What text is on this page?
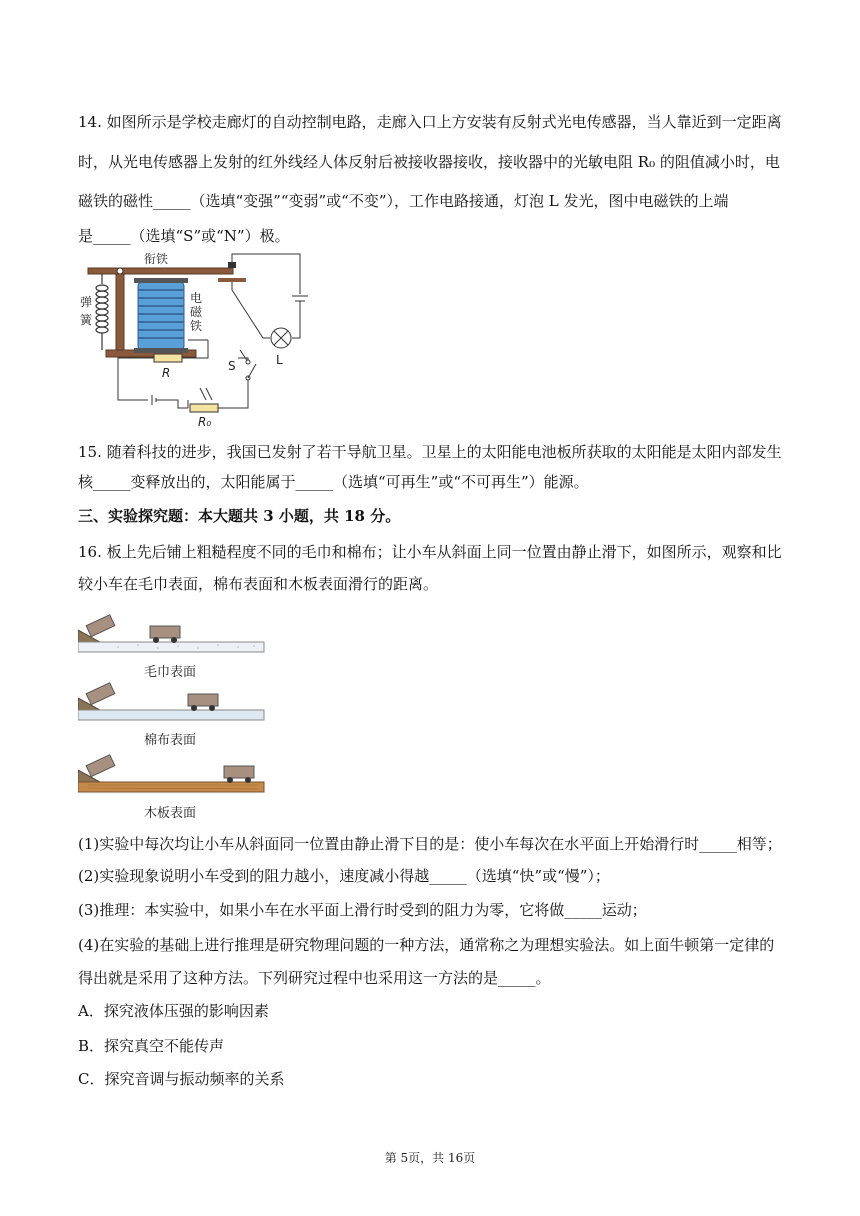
14. 如图所示是学校走廊灯的自动控制电路，走廊入口上方安装有反射式光电传感器，当人靠近到一定距离
时，从光电传感器上发射的红外线经人体反射后被接收器接收，接收器中的光敏电阻 R₀ 的阻值减小时，电
磁铁的磁性_____（选填“变强”“变弱”或“不变”），工作电路接通，灯泡 L 发光，图中电磁铁的上端
是_____（选填“S”或“N”）极。
衔铁
弹
簧
电
磁
铁
L
S
R
R₀
15. 随着科技的进步，我国已发射了若干导航卫星。卫星上的太阳能电池板所获取的太阳能是太阳内部发生
核_____变释放出的，太阳能属于_____（选填“可再生”或“不可再生”）能源。
三、实验探究题：本大题共 3 小题，共 18 分。
16. 板上先后铺上粗糙程度不同的毛巾和棉布；让小车从斜面上同一位置由静止滑下，如图所示，观察和比
较小车在毛巾表面，棉布表面和木板表面滑行的距离。
毛巾表面
棉布表面
木板表面
(1)实验中每次均让小车从斜面同一位置由静止滑下目的是：使小车每次在水平面上开始滑行时_____相等；
(2)实验现象说明小车受到的阻力越小，速度减小得越_____（选填“快”或“慢”）；
(3)推理：本实验中，如果小车在水平面上滑行时受到的阻力为零，它将做_____运动；
(4)在实验的基础上进行推理是研究物理问题的一种方法，通常称之为理想实验法。如上面牛顿第一定律的
得出就是采用了这种方法。下列研究过程中也采用这一方法的是_____。
A．探究液体压强的影响因素
B．探究真空不能传声
C．探究音调与振动频率的关系
第 5页，共 16页
